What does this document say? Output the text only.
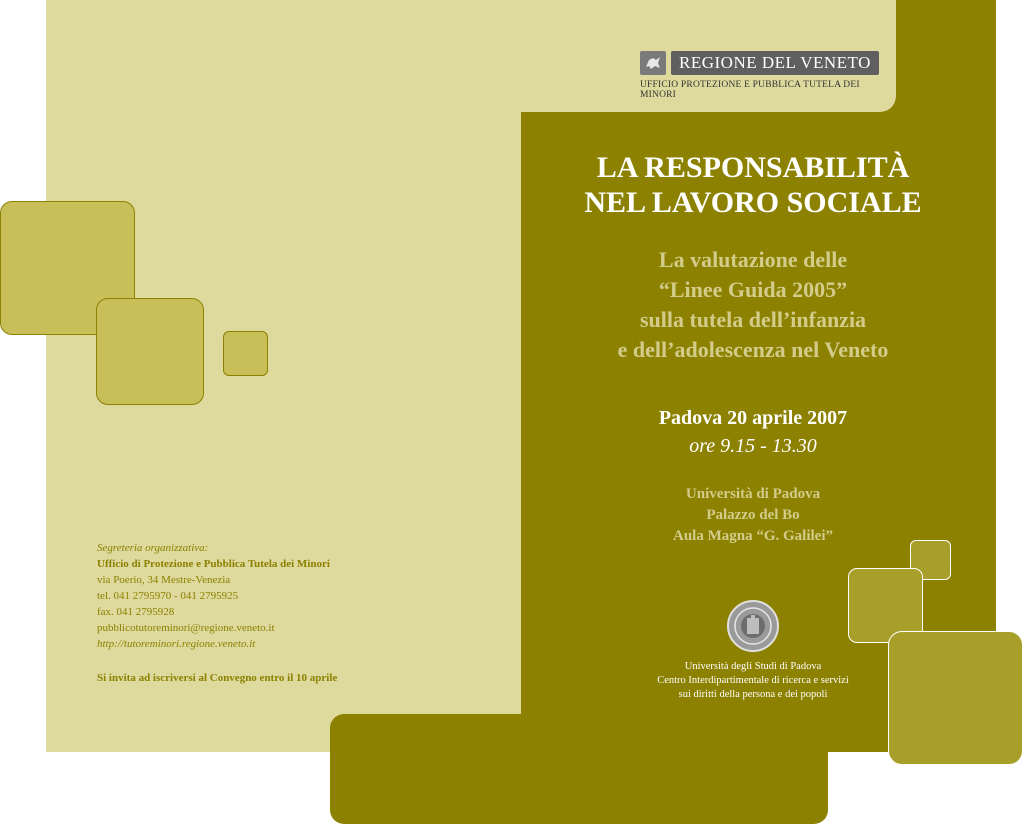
REGIONE DEL VENETO
UFFICIO PROTEZIONE E PUBBLICA TUTELA DEI MINORI
LA RESPONSABILITÀ
NEL LAVORO SOCIALE
La valutazione delle
“Linee Guida 2005”
sulla tutela dell’infanzia
e dell’adolescenza nel Veneto
Padova 20 aprile 2007
ore 9.15 - 13.30
Università di Padova
Palazzo del Bo
Aula Magna “G. Galilei”
Università degli Studi di Padova
Centro Interdipartimentale di ricerca e servizi
sui diritti della persona e dei popoli
Segreteria organizzativa:
Ufficio di Protezione e Pubblica Tutela dei Minori
via Poerio, 34 Mestre-Venezia
tel. 041 2795970 - 041 2795925
fax. 041 2795928
pubblicotutoreminori@regione.veneto.it
http://tutoreminori.regione.veneto.it
Si invita ad iscriversi al Convegno entro il 10 aprile
